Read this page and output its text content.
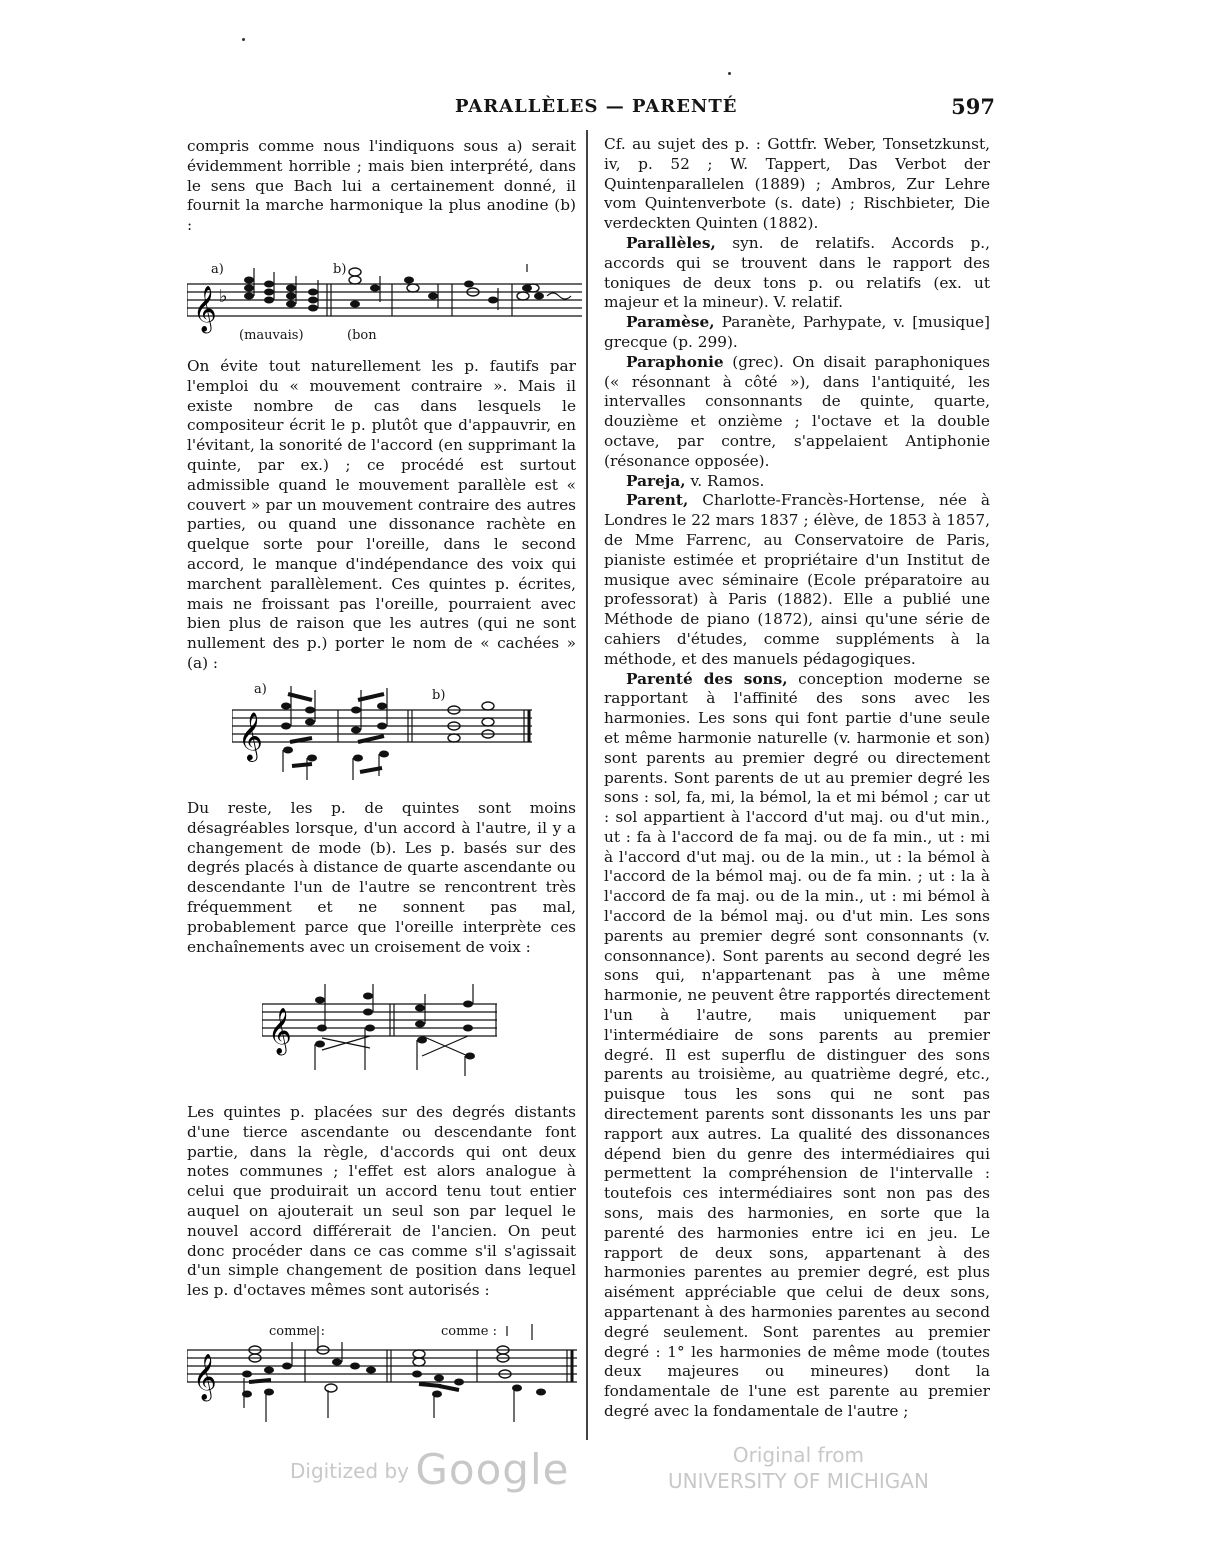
PARALLÈLES — PARENTÉ	597

compris comme nous l'indiquons sous a) serait évidemment horrible ; mais bien interprété, dans le sens que Bach lui a certainement donné, il fournit la marche harmonique la plus anodine (b) :

𝄞 ♭
a)	b)
(mauvais)	(bon

On évite tout naturellement les p. fautifs par l'emploi du « mouvement contraire ». Mais il existe nombre de cas dans lesquels le compositeur écrit le p. plutôt que d'appauvrir, en l'évitant, la sonorité de l'accord (en supprimant la quinte, par ex.) ; ce procédé est surtout admissible quand le mouvement parallèle est « couvert » par un mouvement contraire des autres parties, ou quand une dissonance rachète en quelque sorte pour l'oreille, dans le second accord, le manque d'indépendance des voix qui marchent parallèlement. Ces quintes p. écrites, mais ne froissant pas l'oreille, pourraient avec bien plus de raison que les autres (qui ne sont nullement des p.) porter le nom de « cachées » (a) :

𝄞
a)	b)

Du reste, les p. de quintes sont moins désagréables lorsque, d'un accord à l'autre, il y a changement de mode (b). Les p. basés sur des degrés placés à distance de quarte ascendante ou descendante l'un de l'autre se rencontrent très fréquemment et ne sonnent pas mal, probablement parce que l'oreille interprète ces enchaînements avec un croisement de voix :

𝄞

Les quintes p. placées sur des degrés distants d'une tierce ascendante ou descendante font partie, dans la règle, d'accords qui ont deux notes communes ; l'effet est alors analogue à celui que produirait un accord tenu tout entier auquel on ajouterait un seul son par lequel le nouvel accord différerait de l'ancien. On peut donc procéder dans ce cas comme s'il s'agissait d'un simple changement de position dans lequel les p. d'octaves mêmes sont autorisés :

𝄞
comme :	comme :

Cf. au sujet des p. : Gottfr. Weber, Tonsetzkunst, iv, p. 52 ; W. Tappert, Das Verbot der Quintenparallelen (1889) ; Ambros, Zur Lehre vom Quintenverbote (s. date) ; Rischbieter, Die verdeckten Quinten (1882).

Parallèles, syn. de relatifs. Accords p., accords qui se trouvent dans le rapport des toniques de deux tons p. ou relatifs (ex. ut majeur et la mineur). V. relatif.

Paramèse, Paranète, Parhypate, v. [musique] grecque (p. 299).

Paraphonie (grec). On disait paraphoniques (« résonnant à côté »), dans l'antiquité, les intervalles consonnants de quinte, quarte, douzième et onzième ; l'octave et la double octave, par contre, s'appelaient Antiphonie (résonance opposée).

Pareja, v. Ramos.

Parent, Charlotte-Francès-Hortense, née à Londres le 22 mars 1837 ; élève, de 1853 à 1857, de Mme Farrenc, au Conservatoire de Paris, pianiste estimée et propriétaire d'un Institut de musique avec séminaire (Ecole préparatoire au professorat) à Paris (1882). Elle a publié une Méthode de piano (1872), ainsi qu'une série de cahiers d'études, comme suppléments à la méthode, et des manuels pédagogiques.

Parenté des sons, conception moderne se rapportant à l'affinité des sons avec les harmonies. Les sons qui font partie d'une seule et même harmonie naturelle (v. harmonie et son) sont parents au premier degré ou directement parents. Sont parents de ut au premier degré les sons : sol, fa, mi, la bémol, la et mi bémol ; car ut : sol appartient à l'accord d'ut maj. ou d'ut min., ut : fa à l'accord de fa maj. ou de fa min., ut : mi à l'accord d'ut maj. ou de la min., ut : la bémol à l'accord de la bémol maj. ou de fa min. ; ut : la à l'accord de fa maj. ou de la min., ut : mi bémol à l'accord de la bémol maj. ou d'ut min. Les sons parents au premier degré sont consonnants (v. consonnance). Sont parents au second degré les sons qui, n'appartenant pas à une même harmonie, ne peuvent être rapportés directement l'un à l'autre, mais uniquement par l'intermédiaire de sons parents au premier degré. Il est superflu de distinguer des sons parents au troisième, au quatrième degré, etc., puisque tous les sons qui ne sont pas directement parents sont dissonants les uns par rapport aux autres. La qualité des dissonances dépend bien du genre des intermédiaires qui permettent la compréhension de l'intervalle : toutefois ces intermédiaires sont non pas des sons, mais des harmonies, en sorte que la parenté des harmonies entre ici en jeu. Le rapport de deux sons, appartenant à des harmonies parentes au premier degré, est plus aisément appréciable que celui de deux sons, appartenant à des harmonies parentes au second degré seulement. Sont parentes au premier degré : 1° les harmonies de même mode (toutes deux majeures ou mineures) dont la fondamentale de l'une est parente au premier degré avec la fondamentale de l'autre ;

Digitized by Google	Original from
UNIVERSITY OF MICHIGAN
